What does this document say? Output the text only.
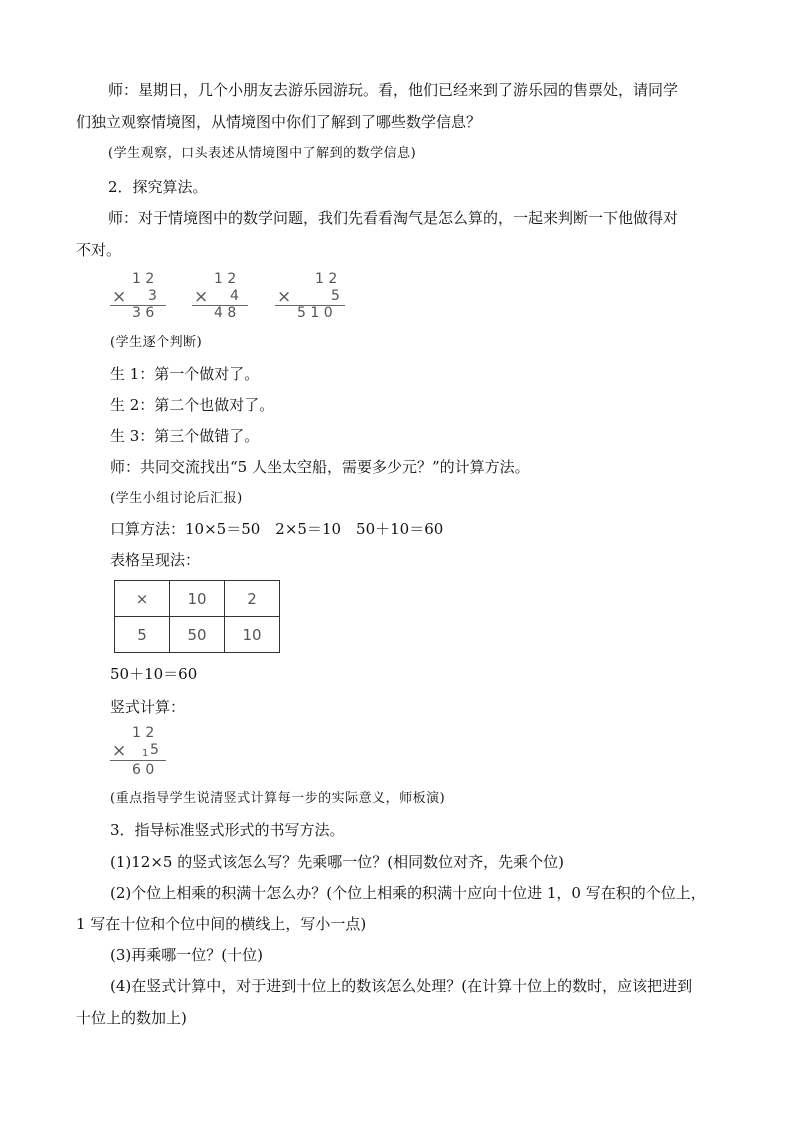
师：星期日，几个小朋友去游乐园游玩。看，他们已经来到了游乐园的售票处，请同学
们独立观察情境图，从情境图中你们了解到了哪些数学信息？
(学生观察，口头表述从情境图中了解到的数学信息)
2．探究算法。
师：对于情境图中的数学问题，我们先看看淘气是怎么算的，一起来判断一下他做得对
不对。
1 2
× 3
3 6
1 2
× 4
4 8
1 2
×	5
5 1 0
(学生逐个判断)
生 1：第一个做对了。
生 2：第二个也做对了。
生 3：第三个做错了。
师：共同交流找出“5 人坐太空船，需要多少元？”的计算方法。
(学生小组讨论后汇报)
口算方法：10×5＝50　2×5＝10　50＋10＝60
表格呈现法：
×	10	2
5	50	10
50＋10＝60
竖式计算：
1 2
× 1 5
6 0
(重点指导学生说清竖式计算每一步的实际意义，师板演)
3．指导标准竖式形式的书写方法。
(1)12×5 的竖式该怎么写？先乘哪一位？(相同数位对齐，先乘个位)
(2)个位上相乘的积满十怎么办？(个位上相乘的积满十应向十位进 1，0 写在积的个位上，
1 写在十位和个位中间的横线上，写小一点)
(3)再乘哪一位？(十位)
(4)在竖式计算中，对于进到十位上的数该怎么处理？(在计算十位上的数时，应该把进到
十位上的数加上)
